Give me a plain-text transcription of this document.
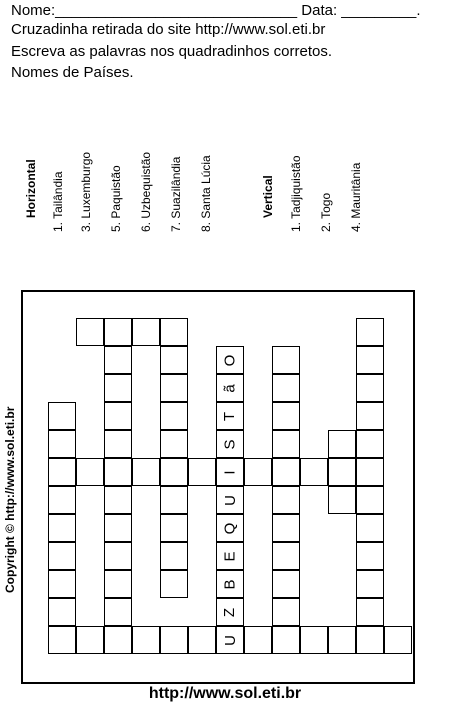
Nome:_____________________________ Data: _________.
Cruzadinha retirada do site http://www.sol.eti.br
Escreva as palavras nos quadradinhos corretos.
Nomes de Países.
Horizontal 1. Tailândia 3. Luxemburgo 5. Paquistão 6. Uzbequistão 7. Suazilândia 8. Santa Lúcia	Vertical 1. Tadjiquistão 2. Togo 4. Mauritânia
Copyright © http://www.sol.eti.br
U
Z
B
E
Q
U
I
S
T
ã
O
http://www.sol.eti.br
